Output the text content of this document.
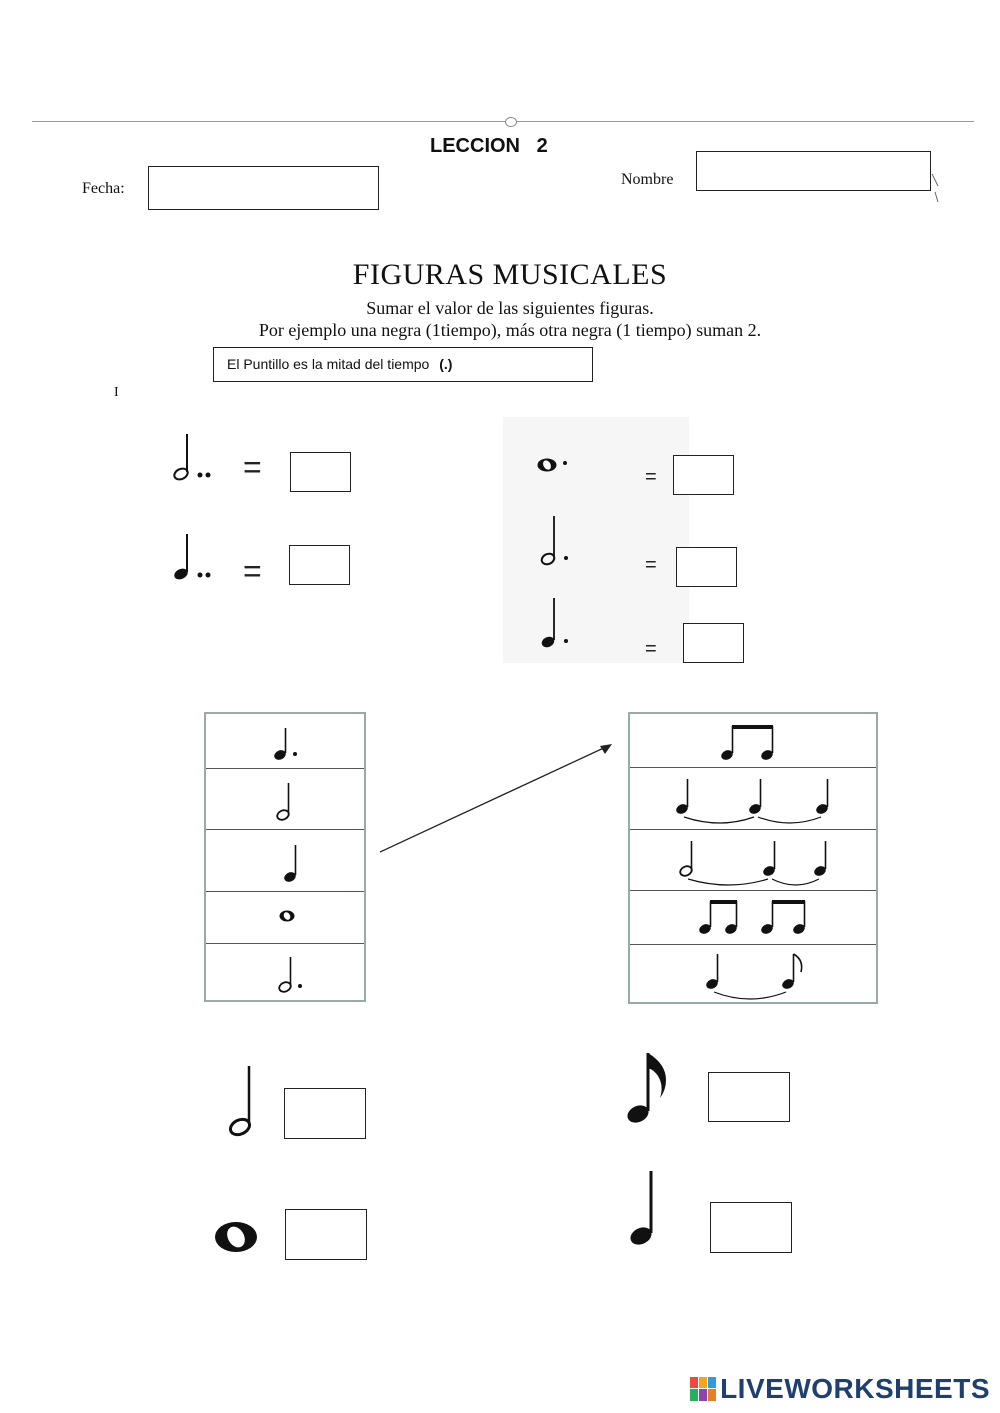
LECCION   2
Fecha:
Nombre
FIGURAS MUSICALES
Sumar el valor de las siguientes figuras.
Por ejemplo una negra (1tiempo), más otra negra (1 tiempo) suman 2.
El Puntillo es la mitad del tiempo (.)
I
=
=
=
=
=
LIVEWORKSHEETS
